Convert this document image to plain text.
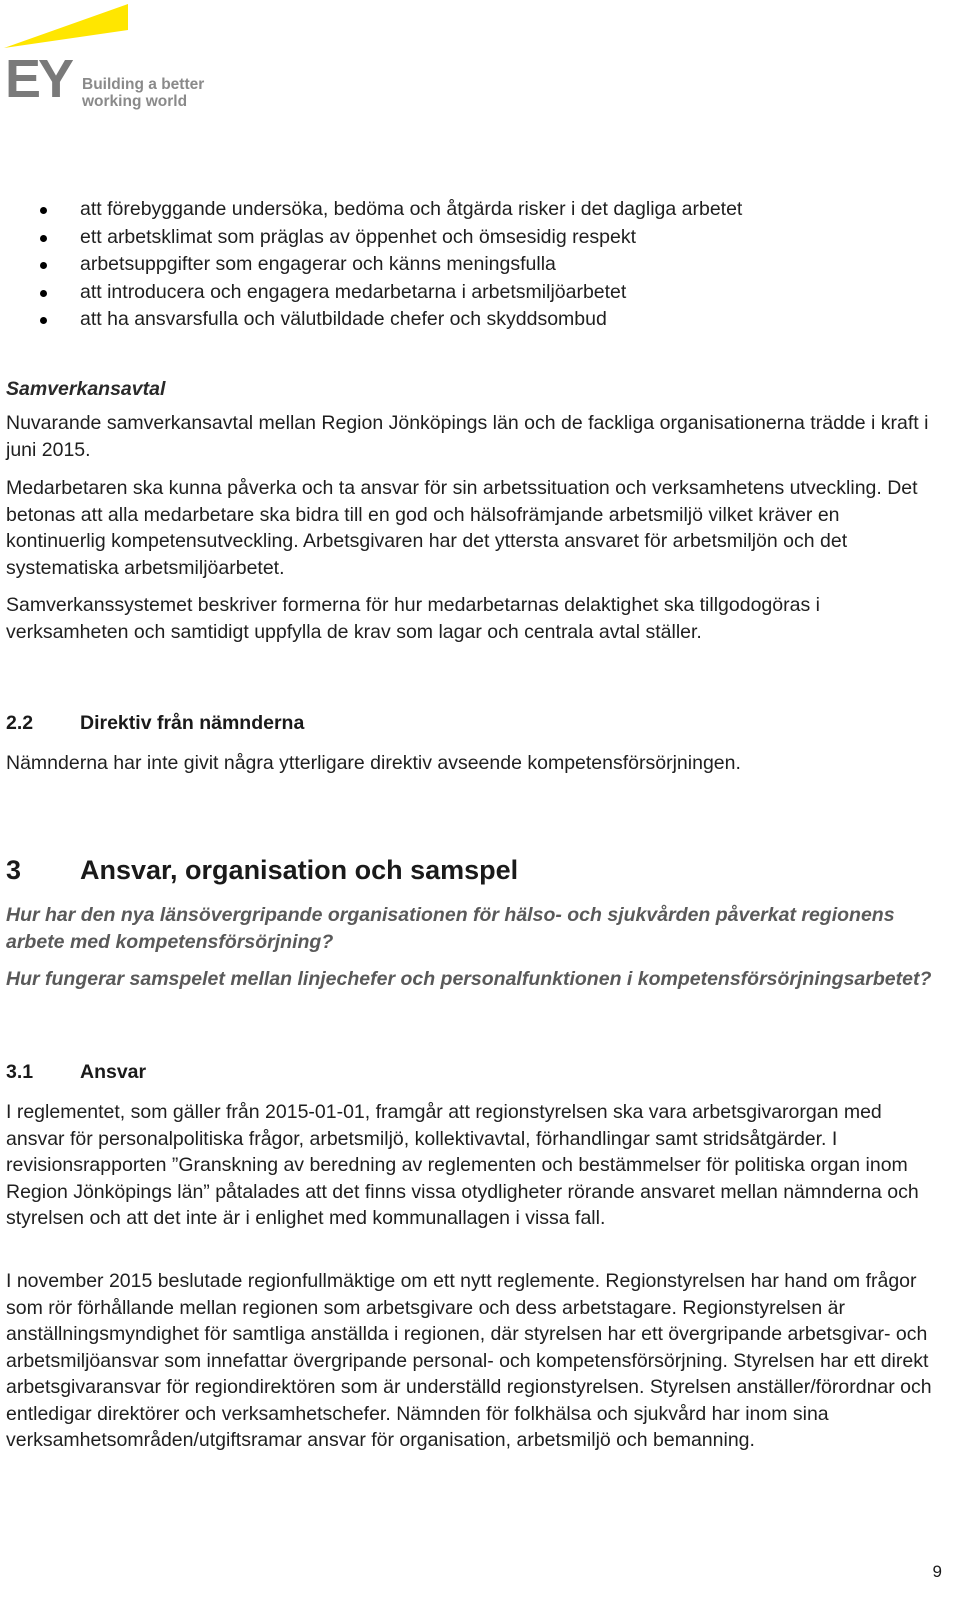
EY Building a better
working world
att förebyggande undersöka, bedöma och åtgärda risker i det dagliga arbetet
ett arbetsklimat som präglas av öppenhet och ömsesidig respekt
arbetsuppgifter som engagerar och känns meningsfulla
att introducera och engagera medarbetarna i arbetsmiljöarbetet
att ha ansvarsfulla och välutbildade chefer och skyddsombud
Samverkansavtal

Nuvarande samverkansavtal mellan Region Jönköpings län och de fackliga organisationerna trädde i kraft i juni 2015.

Medarbetaren ska kunna påverka och ta ansvar för sin arbetssituation och verksamhetens utveckling. Det betonas att alla medarbetare ska bidra till en god och hälsofrämjande arbetsmiljö vilket kräver en kontinuerlig kompetensutveckling. Arbetsgivaren har det yttersta ansvaret för arbetsmiljön och det systematiska arbetsmiljöarbetet.

Samverkanssystemet beskriver formerna för hur medarbetarnas delaktighet ska tillgodogöras i verksamheten och samtidigt uppfylla de krav som lagar och centrala avtal ställer.

2.2 Direktiv från nämnderna

Nämnderna har inte givit några ytterligare direktiv avseende kompetensförsörjningen.

3 Ansvar, organisation och samspel

Hur har den nya länsövergripande organisationen för hälso- och sjukvården påverkat regionens arbete med kompetensförsörjning?

Hur fungerar samspelet mellan linjechefer och personalfunktionen i kompetensförsörjningsarbetet?

3.1 Ansvar

I reglementet, som gäller från 2015-01-01, framgår att regionstyrelsen ska vara arbetsgivarorgan med ansvar för personalpolitiska frågor, arbetsmiljö, kollektivavtal, förhandlingar samt stridsåtgärder. I revisionsrapporten ”Granskning av beredning av reglementen och bestämmelser för politiska organ inom Region Jönköpings län” påtalades att det finns vissa otydligheter rörande ansvaret mellan nämnderna och styrelsen och att det inte är i enlighet med kommunallagen i vissa fall.

I november 2015 beslutade regionfullmäktige om ett nytt reglemente. Regionstyrelsen har hand om frågor som rör förhållande mellan regionen som arbetsgivare och dess arbetstagare. Regionstyrelsen är anställningsmyndighet för samtliga anställda i regionen, där styrelsen har ett övergripande arbetsgivar- och arbetsmiljöansvar som innefattar övergripande personal- och kompetensförsörjning. Styrelsen har ett direkt arbetsgivaransvar för regiondirektören som är underställd regionstyrelsen. Styrelsen anställer/förordnar och entledigar direktörer och verksamhetschefer. Nämnden för folkhälsa och sjukvård har inom sina verksamhetsområden/utgiftsramar ansvar för organisation, arbetsmiljö och bemanning.

9
